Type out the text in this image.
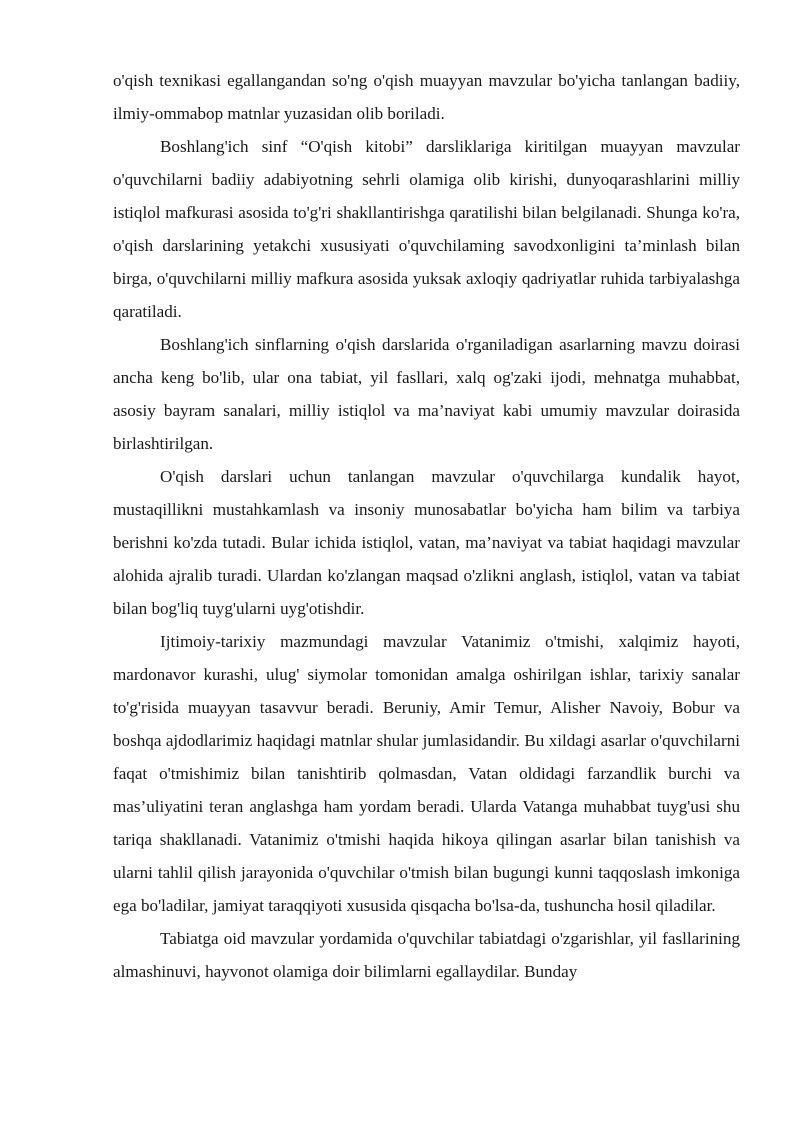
o'qish texnikasi egallangandan so'ng o'qish muayyan mavzular bo'yicha tanlangan badiiy, ilmiy-ommabop matnlar yuzasidan olib boriladi.

Boshlang'ich sinf “O'qish kitobi” darsliklariga kiritilgan muayyan mavzular o'quvchilarni badiiy adabiyotning sehrli olamiga olib kirishi, dunyoqarashlarini milliy istiqlol mafkurasi asosida to'g'ri shakllantirishga qaratilishi bilan belgilanadi. Shunga ko'ra, o'qish darslarining yetakchi xususiyati o'quvchilaming savodxonligini ta’minlash bilan birga, o'quvchilarni milliy mafkura asosida yuksak axloqiy qadriyatlar ruhida tarbiyalashga qaratiladi.

Boshlang'ich sinflarning o'qish darslarida o'rganiladigan asarlarning mavzu doirasi ancha keng bo'lib, ular ona tabiat, yil fasllari, xalq og'zaki ijodi, mehnatga muhabbat, asosiy bayram sanalari, milliy istiqlol va ma’naviyat kabi umumiy mavzular doirasida birlashtirilgan.

O'qish darslari uchun tanlangan mavzular o'quvchilarga kundalik hayot, mustaqillikni mustahkamlash va insoniy munosabatlar bo'yicha ham bilim va tarbiya berishni ko'zda tutadi. Bular ichida istiqlol, vatan, ma’naviyat va tabiat haqidagi mavzular alohida ajralib turadi. Ulardan ko'zlangan maqsad o'zlikni anglash, istiqlol, vatan va tabiat bilan bog'liq tuyg'ularni uyg'otishdir.

Ijtimoiy-tarixiy mazmundagi mavzular Vatanimiz o'tmishi, xalqimiz hayoti, mardonavor kurashi, ulug' siymolar tomonidan amalga oshirilgan ishlar, tarixiy sanalar to'g'risida muayyan tasavvur beradi. Beruniy, Amir Temur, Alisher Navoiy, Bobur va boshqa ajdodlarimiz haqidagi matnlar shular jumlasidandir. Bu xildagi asarlar o'quvchilarni faqat o'tmishimiz bilan tanishtirib qolmasdan, Vatan oldidagi farzandlik burchi va mas’uliyatini teran anglashga ham yordam beradi. Ularda Vatanga muhabbat tuyg'usi shu tariqa shakllanadi. Vatanimiz o'tmishi haqida hikoya qilingan asarlar bilan tanishish va ularni tahlil qilish jarayonida o'quvchilar o'tmish bilan bugungi kunni taqqoslash imkoniga ega bo'ladilar, jamiyat taraqqiyoti xususida qisqacha bo'lsa-da, tushuncha hosil qiladilar.

Tabiatga oid mavzular yordamida o'quvchilar tabiatdagi o'zgarishlar, yil fasllarining almashinuvi, hayvonot olamiga doir bilimlarni egallaydilar. Bunday
